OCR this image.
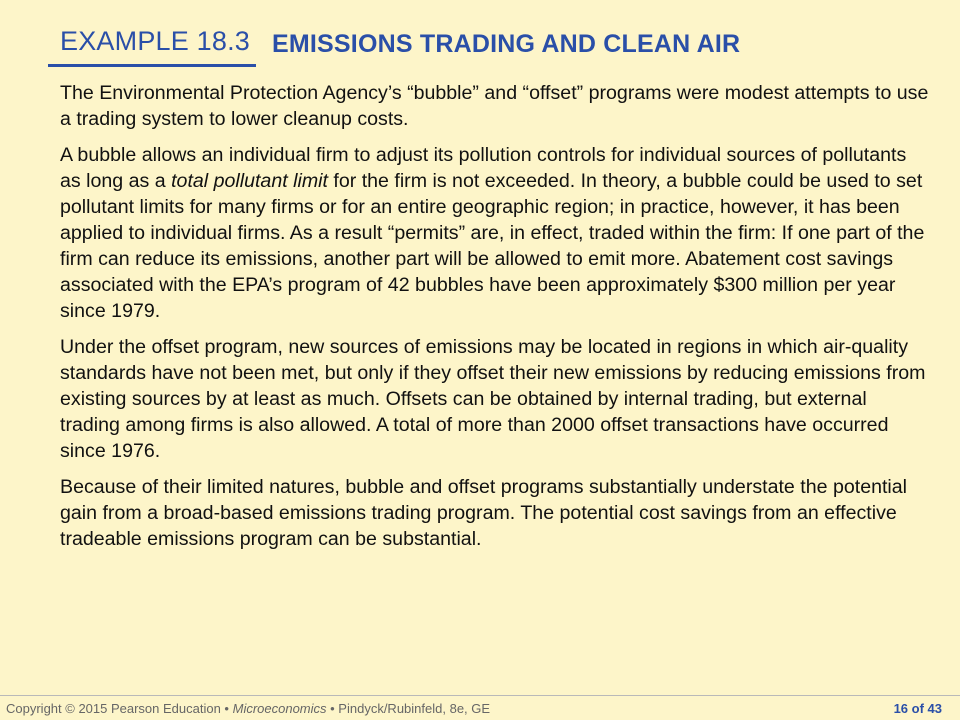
EXAMPLE 18.3 EMISSIONS TRADING AND CLEAN AIR

The Environmental Protection Agency’s “bubble” and “offset” programs were modest attempts to use a trading system to lower cleanup costs.

A bubble allows an individual firm to adjust its pollution controls for individual sources of pollutants as long as a total pollutant limit for the firm is not exceeded. In theory, a bubble could be used to set pollutant limits for many firms or for an entire geographic region; in practice, however, it has been applied to individual firms. As a result “permits” are, in effect, traded within the firm: If one part of the firm can reduce its emissions, another part will be allowed to emit more. Abatement cost savings associated with the EPA’s program of 42 bubbles have been approximately $300 million per year since 1979.

Under the offset program, new sources of emissions may be located in regions in which air-quality standards have not been met, but only if they offset their new emissions by reducing emissions from existing sources by at least as much. Offsets can be obtained by internal trading, but external trading among firms is also allowed. A total of more than 2000 offset transactions have occurred since 1976.

Because of their limited natures, bubble and offset programs substantially understate the potential gain from a broad-based emissions trading program. The potential cost savings from an effective tradeable emissions program can be substantial.

Copyright © 2015 Pearson Education • Microeconomics • Pindyck/Rubinfeld, 8e, GE	16 of 43
